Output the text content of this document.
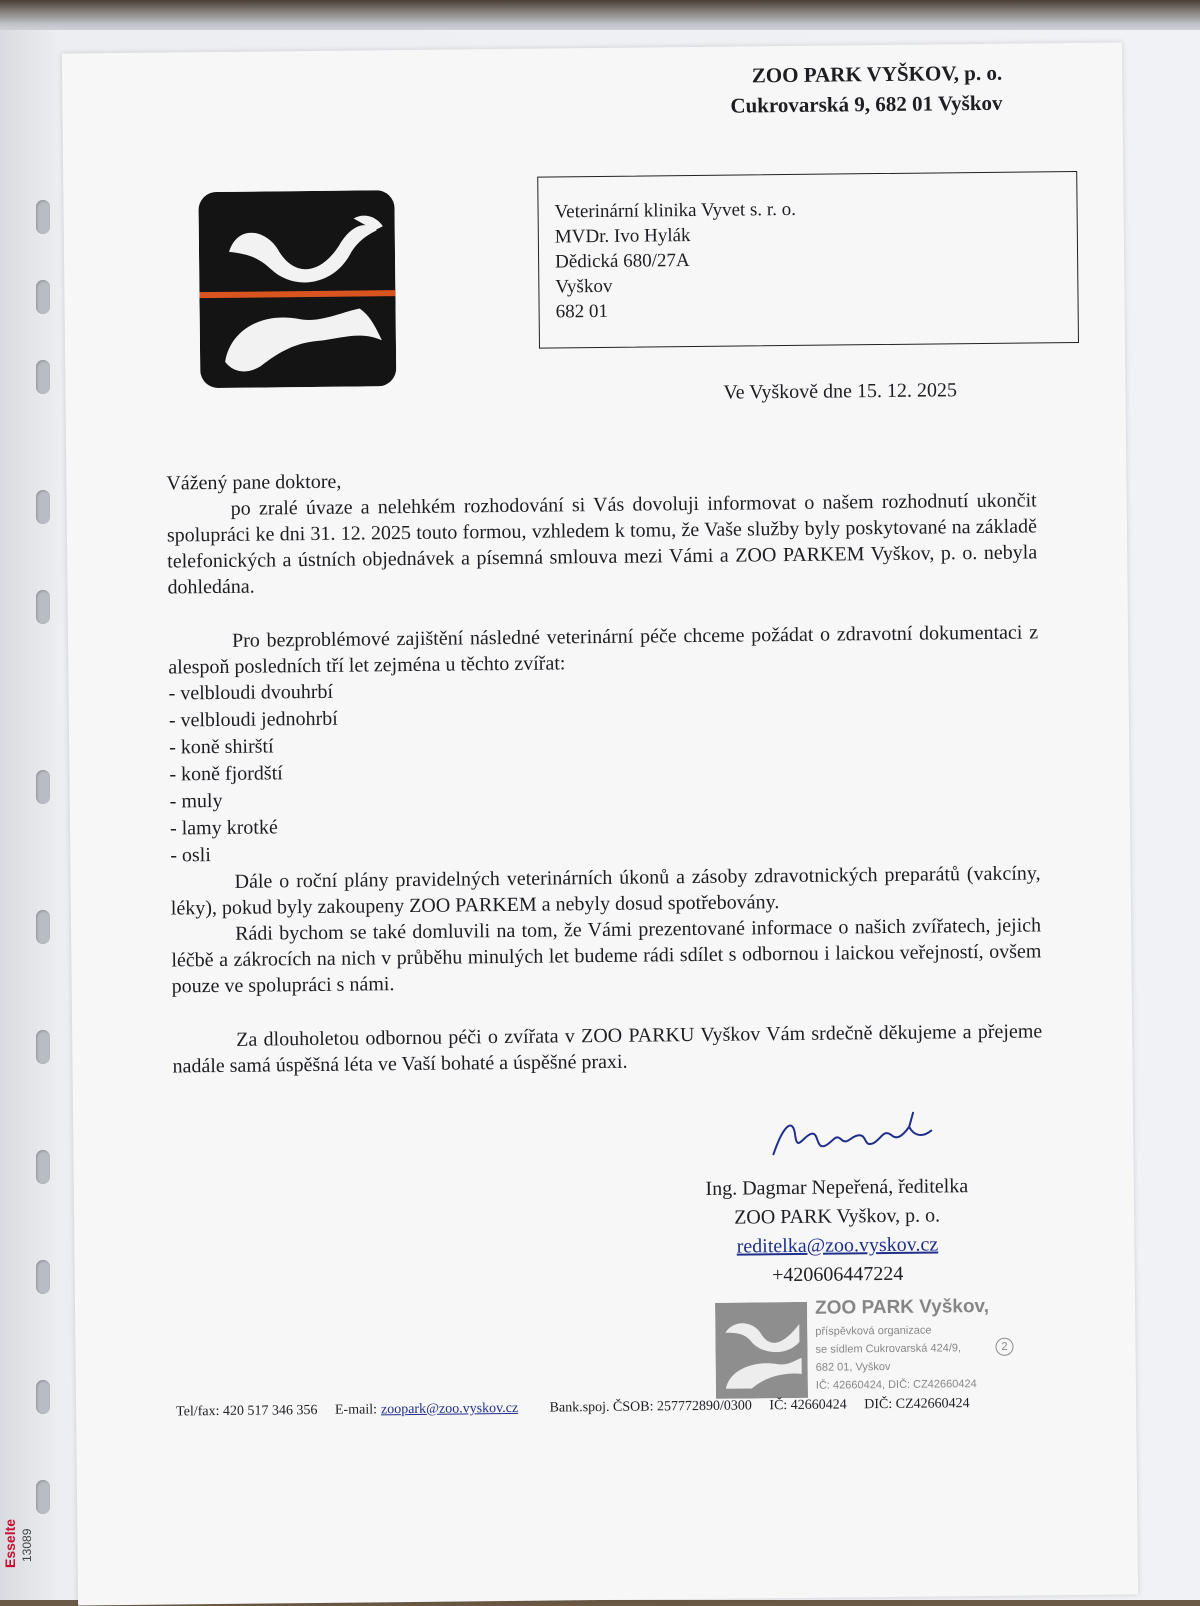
Esselte 13089
ZOO PARK VYŠKOV, p. o.
Cukrovarská 9, 682 01 Vyškov
Veterinární klinika Vyvet s. r. o.
MVDr. Ivo Hylák
Dědická 680/27A
Vyškov
682 01
Ve Vyškově dne 15. 12. 2025

Vážený pane doktore,

po zralé úvaze a nelehkém rozhodování si Vás dovoluji informovat o našem rozhodnutí ukončit spolupráci ke dni 31. 12. 2025 touto formou, vzhledem k tomu, že Vaše služby byly poskytované na základě telefonických a ústních objednávek a písemná smlouva mezi Vámi a ZOO PARKEM Vyškov, p. o. nebyla dohledána.

Pro bezproblémové zajištění následné veterinární péče chceme požádat o zdravotní dokumentaci z alespoň posledních tří let zejména u těchto zvířat:

- velbloudi dvouhrbí

- velbloudi jednohrbí

- koně shirští

- koně fjordští

- muly

- lamy krotké

- osli

Dále o roční plány pravidelných veterinárních úkonů a zásoby zdravotnických preparátů (vakcíny, léky), pokud byly zakoupeny ZOO PARKEM a nebyly dosud spotřebovány.

Rádi bychom se také domluvili na tom, že Vámi prezentované informace o našich zvířatech, jejich léčbě a zákrocích na nich v průběhu minulých let budeme rádi sdílet s odbornou i laickou veřejností, ovšem pouze ve spolupráci s námi.

Za dlouholetou odbornou péči o zvířata v ZOO PARKU Vyškov Vám srdečně děkujeme a přejeme nadále samá úspěšná léta ve Vaší bohaté a úspěšné praxi.

Ing. Dagmar Nepeřená, ředitelka
ZOO PARK Vyškov, p. o.
reditelka@zoo.vyskov.cz
+420606447224
ZOO PARK Vyškov,
příspěvková organizace
se sídlem Cukrovarská 424/9,
682 01, Vyškov
IČ: 42660424, DIČ: CZ42660424
2
Tel/fax: 420 517 346 356 E-mail: zoopark@zoo.vyskov.cz Bank.spoj. ČSOB: 257772890/0300 IČ: 42660424 DIČ: CZ42660424
